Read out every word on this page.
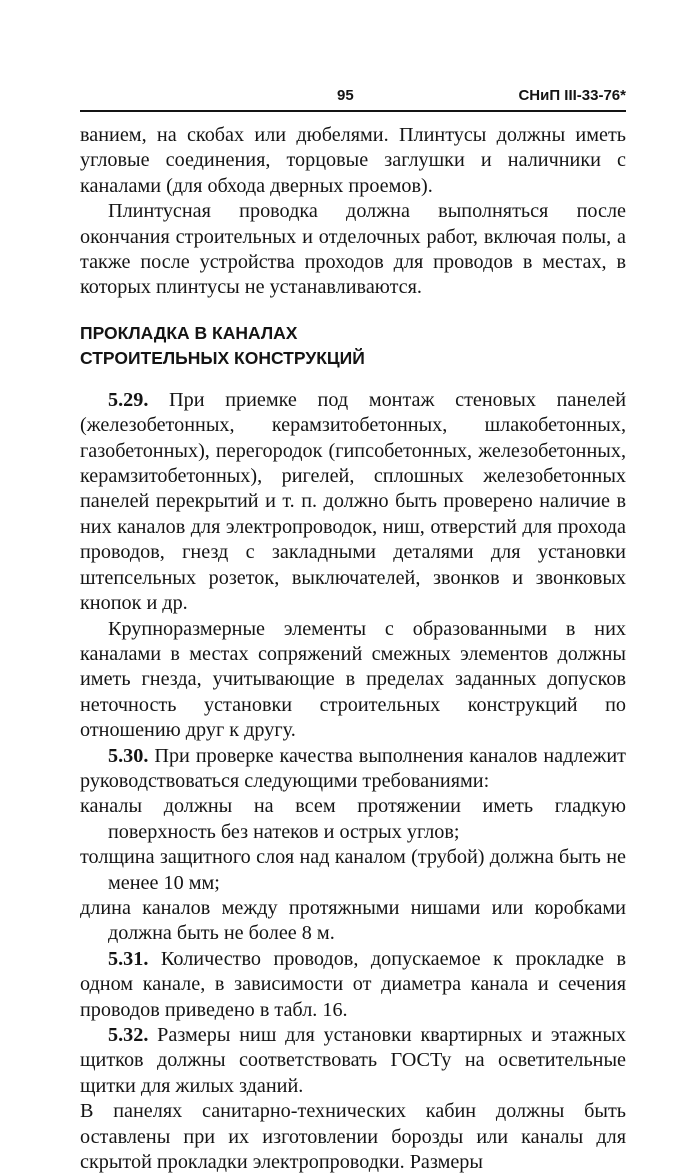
95	СНиП III-33-76*

ванием, на скобах или дюбелями. Плинтусы должны иметь угловые соединения, торцовые заглушки и наличники с каналами (для обхода дверных проемов).

Плинтусная проводка должна выполняться после окончания строительных и отделочных работ, включая полы, а также после устройства проходов для проводов в местах, в которых плинтусы не устанавливаются.

ПРОКЛАДКА В КАНАЛАХ
СТРОИТЕЛЬНЫХ КОНСТРУКЦИЙ

5.29. При приемке под монтаж стеновых панелей (железобетонных, керамзитобетонных, шлакобетонных, газобетонных), перегородок (гипсобетонных, железобетонных, керамзитобетонных), ригелей, сплошных железобетонных панелей перекрытий и т. п. должно быть проверено наличие в них каналов для электропроводок, ниш, отверстий для прохода проводов, гнезд с закладными деталями для установки штепсельных розеток, выключателей, звонков и звонковых кнопок и др.

Крупноразмерные элементы с образованными в них каналами в местах сопряжений смежных элементов должны иметь гнезда, учитывающие в пределах заданных допусков неточность установки строительных конструкций по отношению друг к другу.

5.30. При проверке качества выполнения каналов надлежит руководствоваться следующими требованиями:

каналы должны на всем протяжении иметь гладкую поверхность без натеков и острых углов;

толщина защитного слоя над каналом (трубой) должна быть не менее 10 мм;

длина каналов между протяжными нишами или коробками должна быть не более 8 м.

5.31. Количество проводов, допускаемое к прокладке в одном канале, в зависимости от диаметра канала и сечения проводов приведено в табл. 16.

5.32. Размеры ниш для установки квартирных и этажных щитков должны соответствовать ГОСТу на осветительные щитки для жилых зданий.

В панелях санитарно-технических кабин должны быть оставлены при их изготовлении борозды или каналы для скрытой прокладки электропроводки. Размеры
